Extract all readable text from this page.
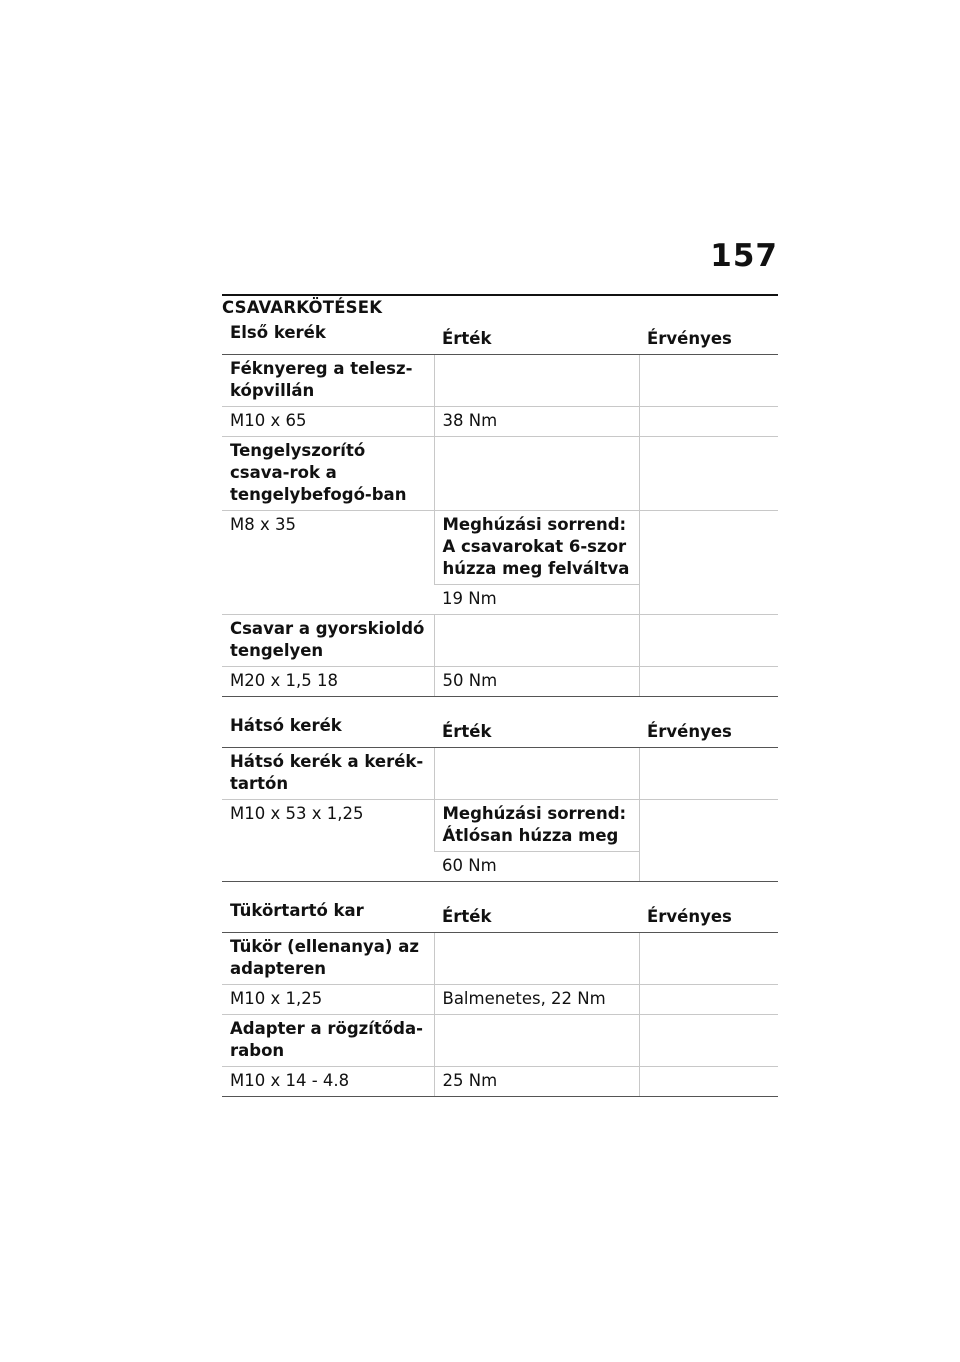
157
CSAVARKÖTÉSEK
Első kerék	Érték	Érvényes
Féknyereg a telesz-kópvillán		
M10 x 65	38 Nm	
Tengelyszorító csava-rok a tengelybefogó-ban		
M8 x 35	Meghúzási sorrend: A csavarokat 6-szor húzza meg felváltva	
	19 Nm	
Csavar a gyorskioldó tengelyen		
M20 x 1,5 18	50 Nm	
Hátsó kerék	Érték	Érvényes
Hátsó kerék a kerék-tartón		
M10 x 53 x 1,25	Meghúzási sorrend: Átlósan húzza meg	
	60 Nm	
Tükörtartó kar	Érték	Érvényes
Tükör (ellenanya) az adapteren		
M10 x 1,25	Balmenetes, 22 Nm	
Adapter a rögzítőda-rabon		
M10 x 14 - 4.8	25 Nm	
